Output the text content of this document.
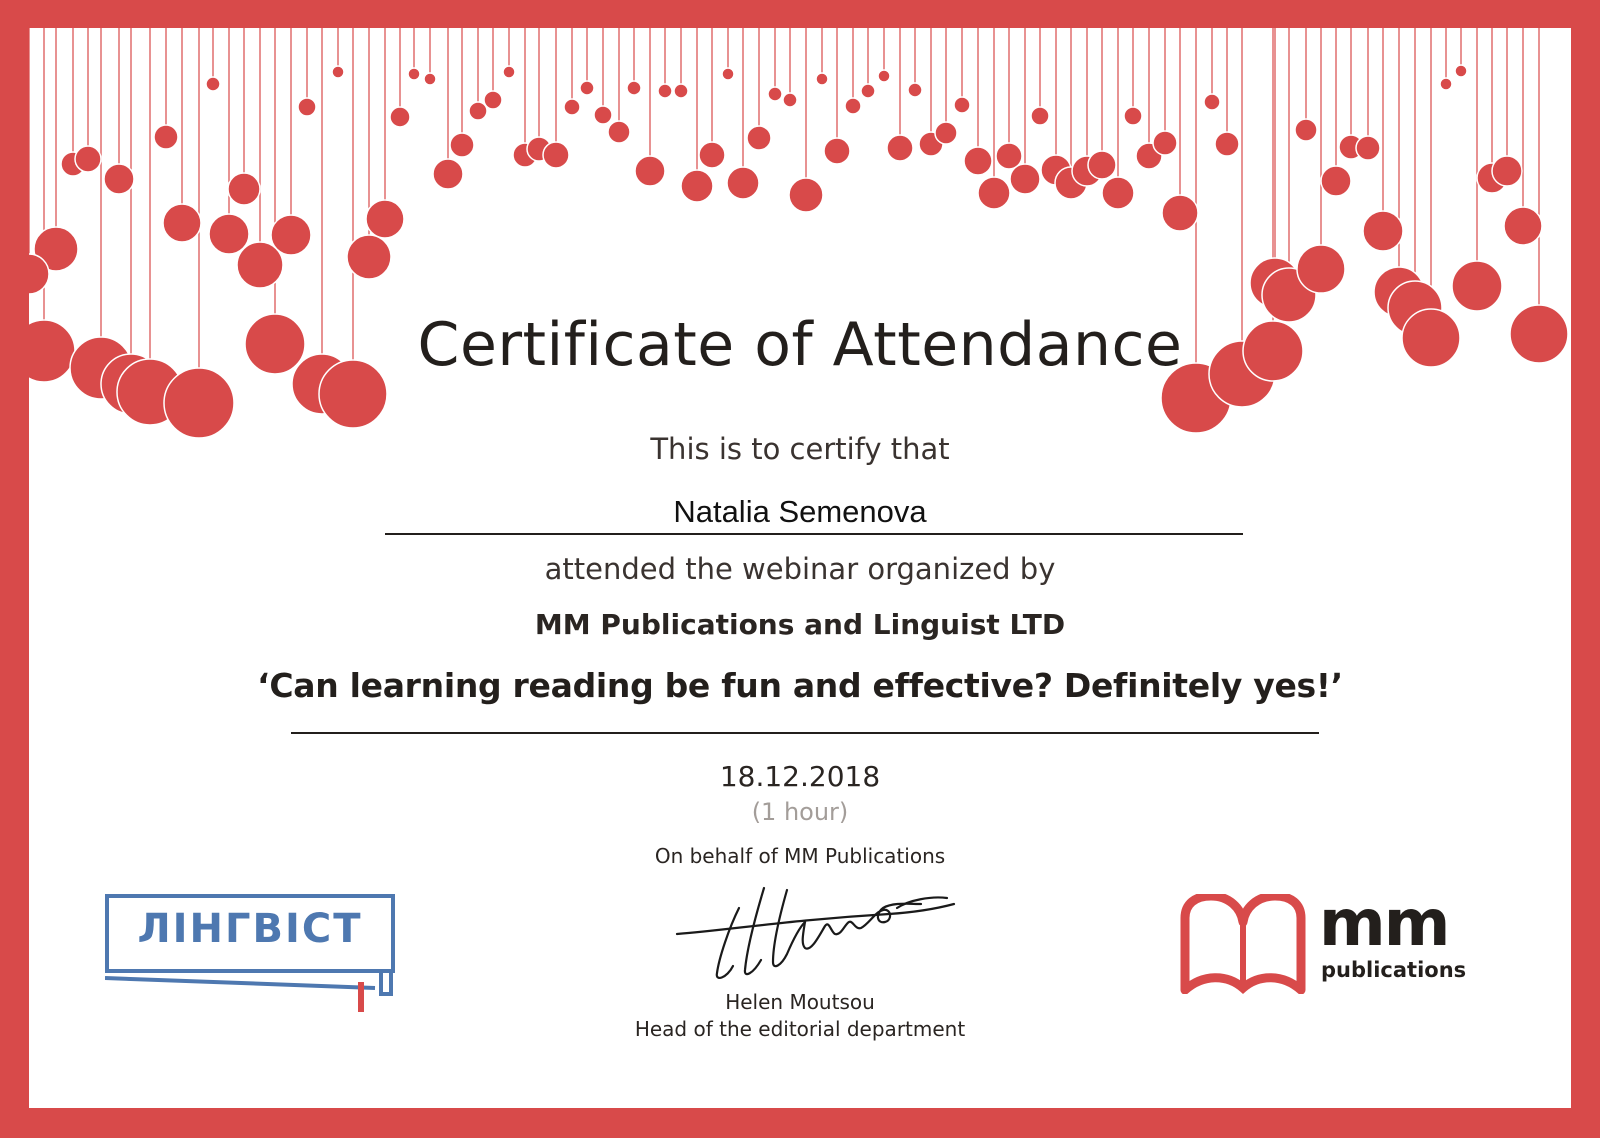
Certificate of Attendance
This is to certify that
Natalia Semenova
attended the webinar organized by
MM Publications and Linguist LTD
‘Can learning reading be fun and effective? Definitely yes!’
18.12.2018
(1 hour)
On behalf of MM Publications
Helen Moutsou
Head of the editorial department
ЛІНГВІСТ	mm
publications
